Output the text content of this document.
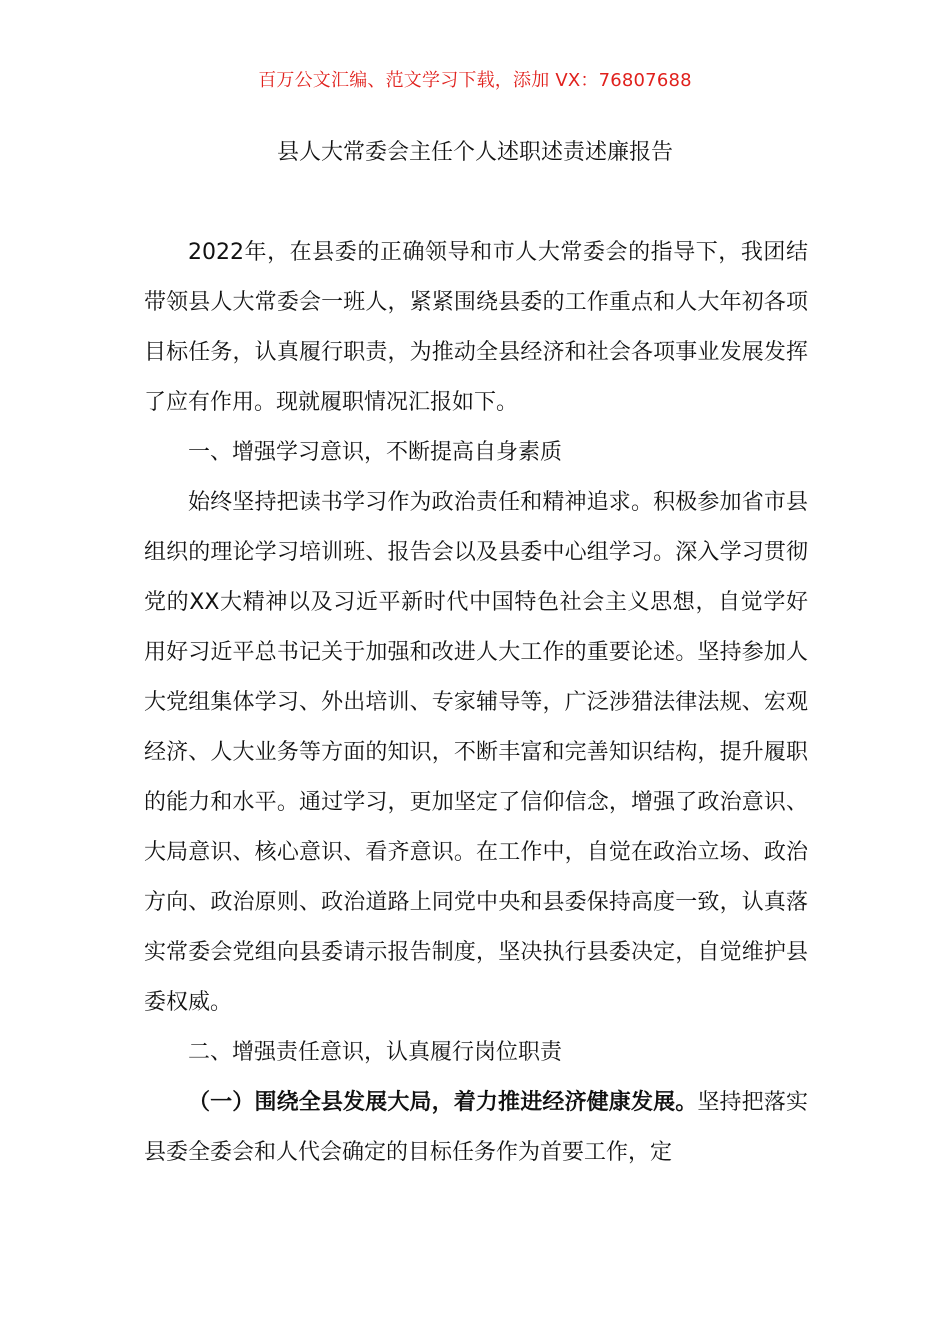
百万公文汇编、范文学习下载，添加 VX：76807688
县人大常委会主任个人述职述责述廉报告

2022年，在县委的正确领导和市人大常委会的指导下，我团结带领县人大常委会一班人，紧紧围绕县委的工作重点和人大年初各项目标任务，认真履行职责，为推动全县经济和社会各项事业发展发挥了应有作用。现就履职情况汇报如下。

一、增强学习意识，不断提高自身素质

始终坚持把读书学习作为政治责任和精神追求。积极参加省市县组织的理论学习培训班、报告会以及县委中心组学习。深入学习贯彻党的XX大精神以及习近平新时代中国特色社会主义思想，自觉学好用好习近平总书记关于加强和改进人大工作的重要论述。坚持参加人大党组集体学习、外出培训、专家辅导等，广泛涉猎法律法规、宏观经济、人大业务等方面的知识，不断丰富和完善知识结构，提升履职的能力和水平。通过学习，更加坚定了信仰信念，增强了政治意识、大局意识、核心意识、看齐意识。在工作中，自觉在政治立场、政治方向、政治原则、政治道路上同党中央和县委保持高度一致，认真落实常委会党组向县委请示报告制度，坚决执行县委决定，自觉维护县委权威。

二、增强责任意识，认真履行岗位职责

（一）围绕全县发展大局，着力推进经济健康发展。坚持把落实县委全委会和人代会确定的目标任务作为首要工作，定
